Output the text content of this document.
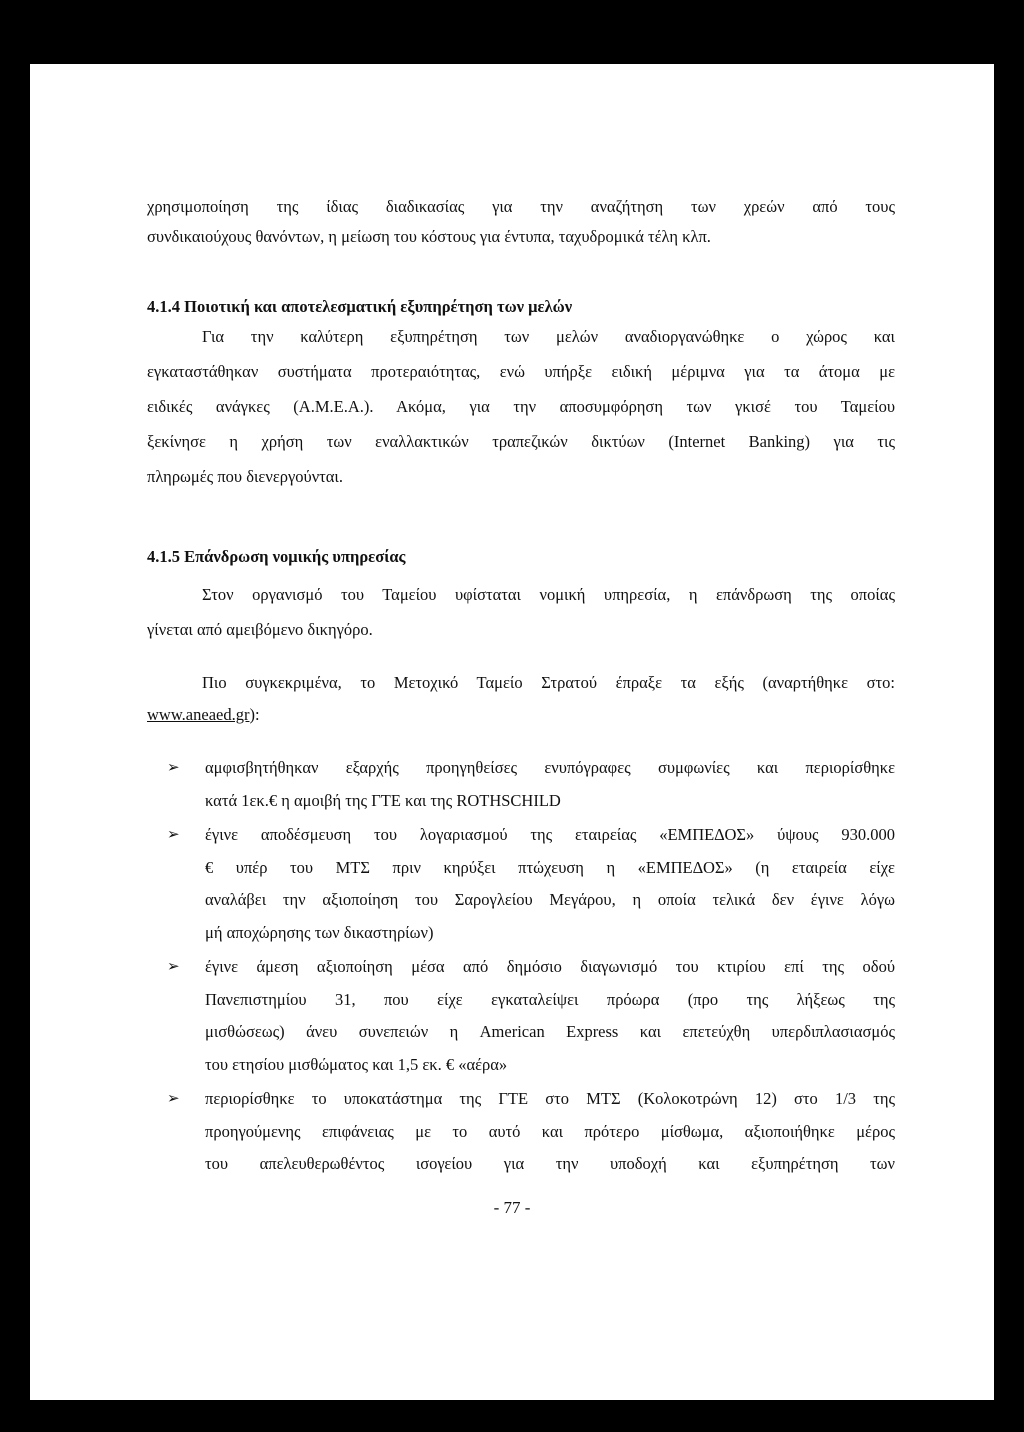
χρησιμοποίηση της ίδιας διαδικασίας για την αναζήτηση των χρεών από τους

συνδικαιούχους θανόντων, η μείωση του κόστους για έντυπα, ταχυδρομικά τέλη κλπ.

4.1.4 Ποιοτική και αποτελεσματική εξυπηρέτηση των μελών

Για την καλύτερη εξυπηρέτηση των μελών αναδιοργανώθηκε ο χώρος και

εγκαταστάθηκαν συστήματα προτεραιότητας, ενώ υπήρξε ειδική μέριμνα για τα άτομα με

ειδικές ανάγκες (Α.Μ.Ε.Α.). Ακόμα, για την αποσυμφόρηση των γκισέ του Ταμείου

ξεκίνησε η χρήση των εναλλακτικών τραπεζικών δικτύων (Internet Banking) για τις

πληρωμές που διενεργούνται.

4.1.5 Επάνδρωση νομικής υπηρεσίας

Στον οργανισμό του Ταμείου υφίσταται νομική υπηρεσία, η επάνδρωση της οποίας

γίνεται από αμειβόμενο δικηγόρο.

Πιο συγκεκριμένα, το Μετοχικό Ταμείο Στρατού έπραξε τα εξής (αναρτήθηκε στο:

www.aneaed.gr):

➢ αμφισβητήθηκαν εξαρχής προηγηθείσες ενυπόγραφες συμφωνίες και περιορίσθηκε

κατά 1εκ.€ η αμοιβή της ΓΤΕ και της ROTHSCHILD

➢ έγινε αποδέσμευση του λογαριασμού της εταιρείας «ΕΜΠΕΔΟΣ» ύψους 930.000

€ υπέρ του ΜΤΣ πριν κηρύξει πτώχευση η «ΕΜΠΕΔΟΣ» (η εταιρεία είχε

αναλάβει την αξιοποίηση του Σαρογλείου Μεγάρου, η οποία τελικά δεν έγινε λόγω

μή αποχώρησης των δικαστηρίων)

➢ έγινε άμεση αξιοποίηση μέσα από δημόσιο διαγωνισμό του κτιρίου επί της οδού

Πανεπιστημίου 31, που είχε εγκαταλείψει πρόωρα (προ της λήξεως της

μισθώσεως) άνευ συνεπειών η American Express και επετεύχθη υπερδιπλασιασμός

του ετησίου μισθώματος και 1,5 εκ. € «αέρα»

➢ περιορίσθηκε το υποκατάστημα της ΓΤΕ στο ΜΤΣ (Κολοκοτρώνη 12) στο 1/3 της

προηγούμενης επιφάνειας με το αυτό και πρότερο μίσθωμα, αξιοποιήθηκε μέρος

του απελευθερωθέντος ισογείου για την υποδοχή και εξυπηρέτηση των

- 77 -
